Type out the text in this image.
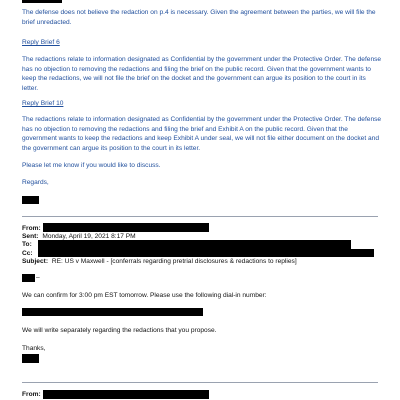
The defense does not believe the redaction on p.4 is necessary. Given the agreement between the parties, we will file the brief unredacted.
Reply Brief 6
The redactions relate to information designated as Confidential by the government under the Protective Order. The defense has no objection to removing the redactions and filing the brief on the public record. Given that the government wants to keep the redactions, we will not file the brief on the docket and the government can argue its position to the court in its letter.
Reply Brief 10
The redactions relate to information designated as Confidential by the government under the Protective Order. The defense has no objection to removing the redactions and filing the brief and Exhibit A on the public record. Given that the government wants to keep the redactions and keep Exhibit A under seal, we will not file either document on the docket and the government can argue its position to the court in its letter.
Please let me know if you would like to discuss.
Regards,
From:
Sent: Monday, April 19, 2021 8:17 PM
To:
Cc:
Subject: RE: US v Maxwell - [conferrals regarding pretrial disclosures & redactions to replies]
–
We can confirm for 3:00 pm EST tomorrow. Please use the following dial-in number:
We will write separately regarding the redactions that you propose.
Thanks,
From:
